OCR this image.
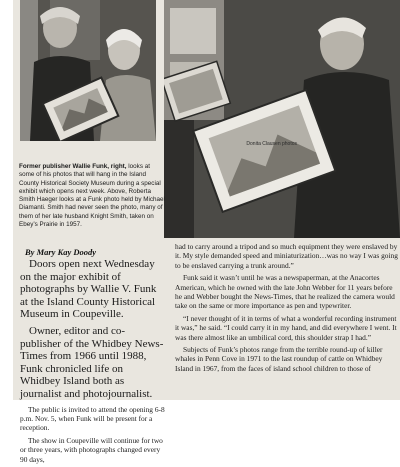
Donita Clausen photos

Former publisher Wallie Funk, right, looks at some of his photos that will hang in the Island County Historical Society Museum during a special exhibit which opens next week. Above, Roberta Smith Haeger looks at a Funk photo held by Michael Diamanti. Smith had never seen the photo, many of them of her late husband Knight Smith, taken on Ebey’s Prairie in 1957.

By Mary Kay Doody

Doors open next Wednesday on the major exhibit of photographs by Wallie V. Funk at the Island County Historical Museum in Coupeville.

Owner, editor and co-publisher of the Whidbey News-Times from 1966 until 1988, Funk chronicled life on Whidbey Island both as journalist and photojournalist.

The public is invited to attend the opening 6-8 p.m. Nov. 5, when Funk will be present for a reception.

The show in Coupeville will continue for two or three years, with photographs changed every 90 days,

had to carry around a tripod and so much equipment they were enslaved by it. My style demanded speed and miniaturization…was no way I was going to be enslaved carrying a trunk around.”

Funk said it wasn’t until he was a newspaperman, at the Anacortes American, which he owned with the late John Webber for 11 years before he and Webber bought the News-Times, that he realized the camera would take on the same or more importance as pen and typewriter.

“I never thought of it in terms of what a wonderful recording instrument it was,” he said. “I could carry it in my hand, and did everywhere I went. It was there almost like an umbilical cord, this shoulder strap I had.”

Subjects of Funk’s photos range from the terrible round-up of killer whales in Penn Cove in 1971 to the last roundup of cattle on Whidbey Island in 1967, from the faces of island school children to those of
